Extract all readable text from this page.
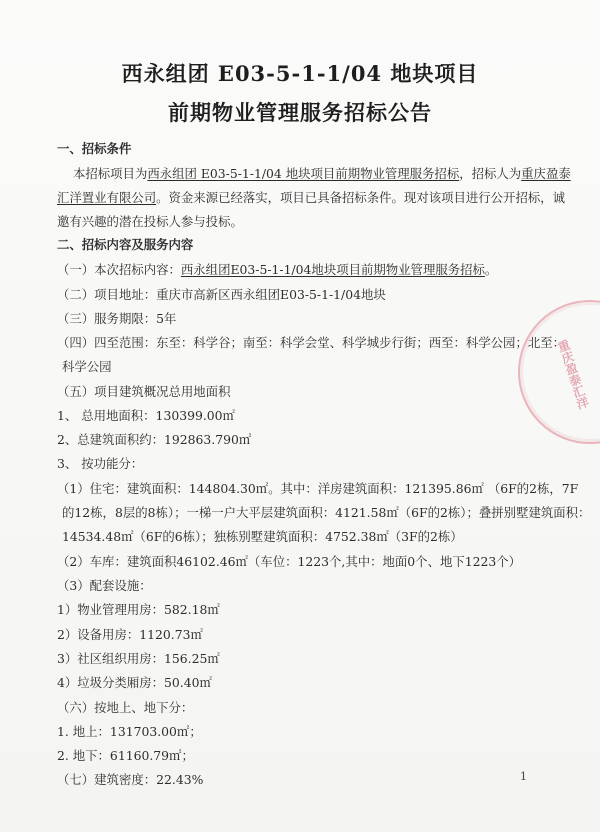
西永组团 E03-5-1-1/04 地块项目
前期物业管理服务招标公告
一、招标条件
本招标项目为西永组团 E03-5-1-1/04 地块项目前期物业管理服务招标，招标人为重庆盈泰
汇洋置业有限公司。资金来源已经落实，项目已具备招标条件。现对该项目进行公开招标，诚
邀有兴趣的潜在投标人参与投标。
二、招标内容及服务内容
（一）本次招标内容：西永组团E03-5-1-1/04地块项目前期物业管理服务招标。
（二）项目地址：重庆市高新区西永组团E03-5-1-1/04地块
（三）服务期限：5年
（四）四至范围：东至：科学谷；南至：科学会堂、科学城步行街；西至：科学公园；北至：
科学公园
（五）项目建筑概况总用地面积
1、 总用地面积：130399.00㎡
2、总建筑面积约：192863.790㎡
3、 按功能分：
（1）住宅：建筑面积：144804.30㎡。其中：洋房建筑面积：121395.86㎡ （6F的2栋，7F
的12栋，8层的8栋）；一梯一户大平层建筑面积：4121.58㎡（6F的2栋）；叠拼别墅建筑面积：
14534.48㎡（6F的6栋）；独栋别墅建筑面积：4752.38㎡（3F的2栋）
（2）车库：建筑面积46102.46㎡（车位：1223个,其中：地面0个、地下1223个）
（3）配套设施：
1）物业管理用房：582.18㎡
2）设备用房：1120.73㎡
3）社区组织用房：156.25㎡
4）垃圾分类厢房：50.40㎡
（六）按地上、地下分：
1. 地上：131703.00㎡；
2. 地下：61160.79㎡；
（七）建筑密度：22.43%	1
重庆盈泰汇洋
